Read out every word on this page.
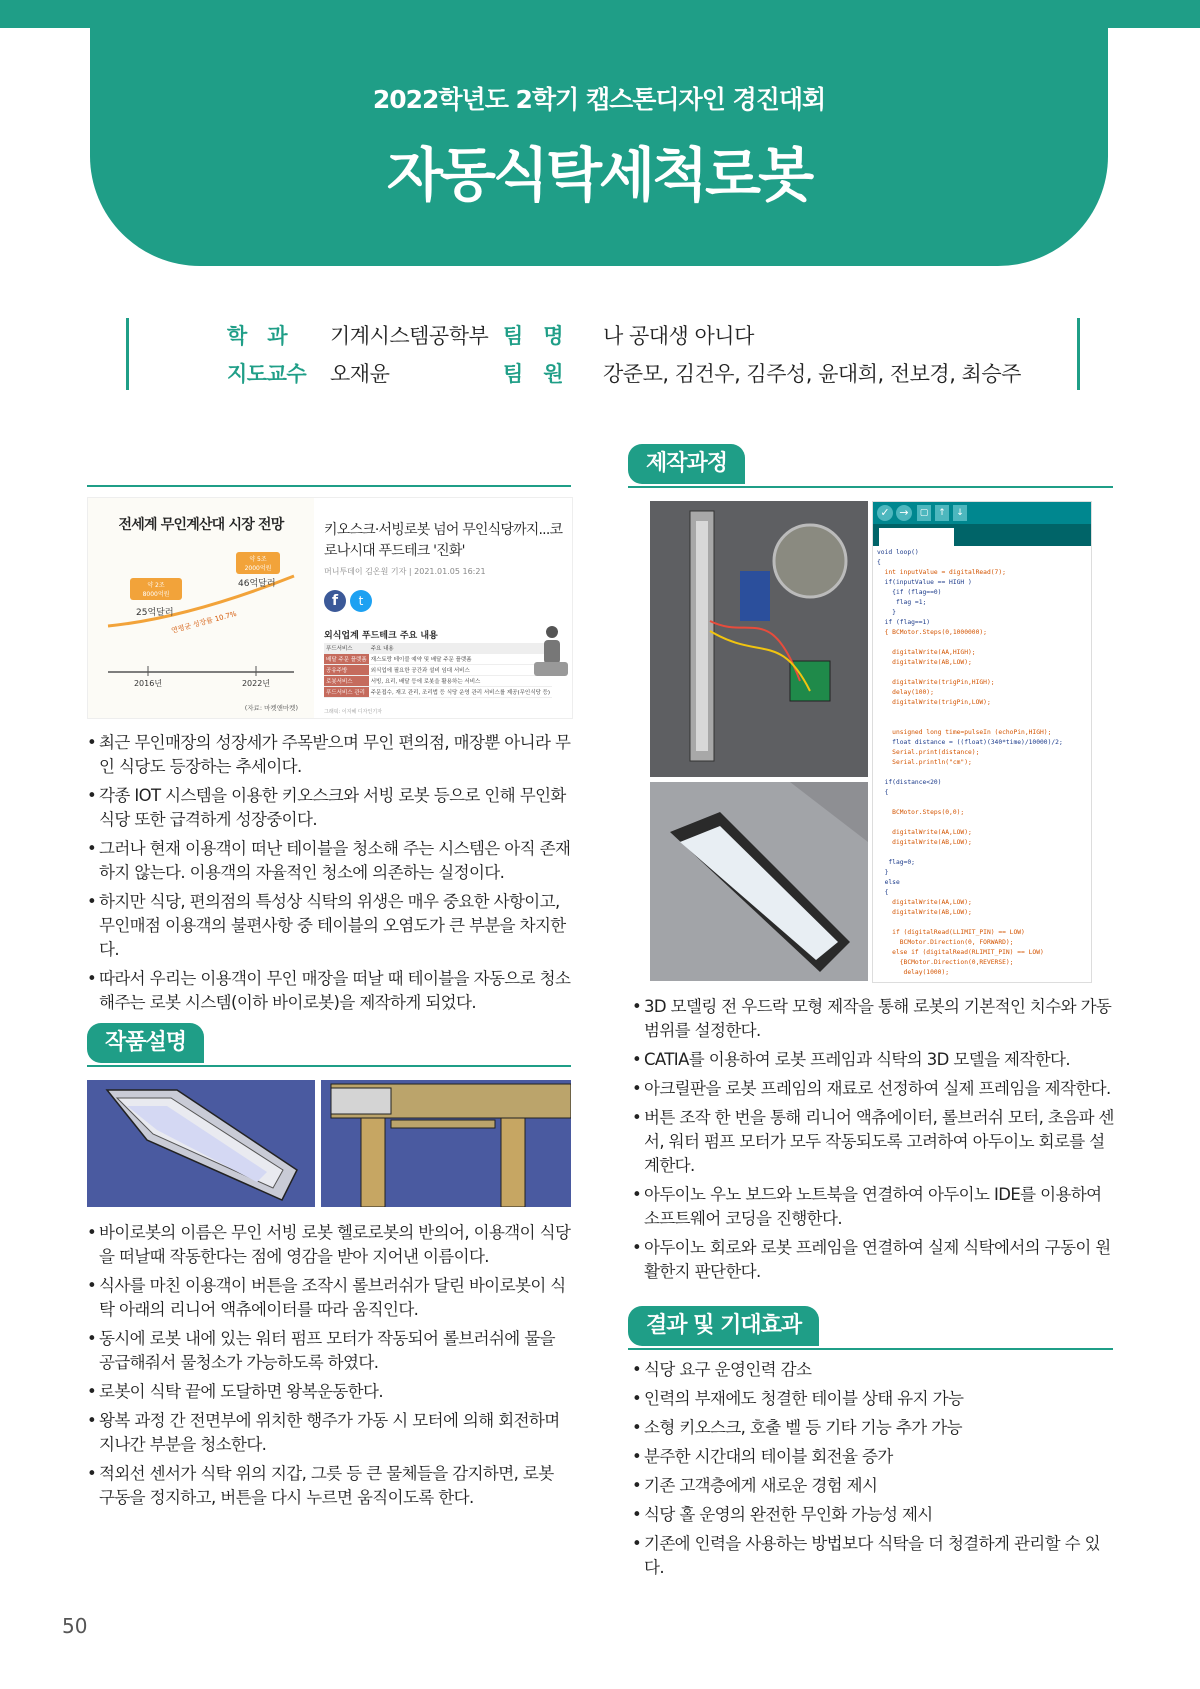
2022학년도 2학기 캡스톤디자인 경진대회
자동식탁세척로봇
학　과 기계시스템공학부 팀　명 나 공대생 아니다
지도교수 오재윤	팀　원 강준모, 김건우, 김주성, 윤대희, 전보경, 최승주
전세계 무인계산대 시장 전망
약 2조
8000억원
약 5조
2000억원
25억달러
46억달러
연평균 성장률 10.7%
2016년	2022년
(자료: 마켓앤마켓)
키오스크·서빙로봇 넘어 무인식당까지...코로나시대 푸드테크 '진화'
머니투데이 김온원 기자 | 2021.01.05 16:21
f	t
외식업계 푸드테크 주요 내용
푸드서비스	주요 내용
배달 주문 플랫폼	재스토랑 테이블 예약 및 배달 주문 플랫폼
공유주방	외식업에 필요한 공간과 설비 임대 서비스
로봇서비스	서빙, 요리, 배달 등에 로봇을 활용하는 서비스
푸드서비스 관리	주문접수, 재고 관리, 조리법 등 식당 운영 관리 서비스를 제공(무인식당 등)
그래픽: 이지혜 디자인기자
• 최근 무인매장의 성장세가 주목받으며 무인 편의점, 매장뿐 아니라 무인 식당도 등장하는 추세이다.
• 각종 IOT 시스템을 이용한 키오스크와 서빙 로봇 등으로 인해 무인화 식당 또한 급격하게 성장중이다.
• 그러나 현재 이용객이 떠난 테이블을 청소해 주는 시스템은 아직 존재하지 않는다. 이용객의 자율적인 청소에 의존하는 실정이다.
• 하지만 식당, 편의점의 특성상 식탁의 위생은 매우 중요한 사항이고, 무인매점 이용객의 불편사항 중 테이블의 오염도가 큰 부분을 차지한다.
• 따라서 우리는 이용객이 무인 매장을 떠날 때 테이블을 자동으로 청소해주는 로봇 시스템(이하 바이로봇)을 제작하게 되었다.
작품설명
• 바이로봇의 이름은 무인 서빙 로봇 헬로로봇의 반의어, 이용객이 식당을 떠날때 작동한다는 점에 영감을 받아 지어낸 이름이다.
• 식사를 마친 이용객이 버튼을 조작시 롤브러쉬가 달린 바이로봇이 식탁 아래의 리니어 액츄에이터를 따라 움직인다.
• 동시에 로봇 내에 있는 워터 펌프 모터가 작동되어 롤브러쉬에 물을 공급해줘서 물청소가 가능하도록 하였다.
• 로봇이 식탁 끝에 도달하면 왕복운동한다.
• 왕복 과정 간 전면부에 위치한 행주가 가동 시 모터에 의해 회전하며 지나간 부분을 청소한다.
• 적외선 센서가 식탁 위의 지갑, 그릇 등 큰 물체들을 감지하면, 로봇 구동을 정지하고, 버튼을 다시 누르면 움직이도록 한다.
제작과정
✓ →	▢	↑	↓
void loop()
{
int inputValue = digitalRead(7);
if(inputValue == HIGH )
{if (flag==0)
flag =1;
}
if (flag==1)
{ BCMotor.Steps(0,1000000);

digitalWrite(AA,HIGH);
digitalWrite(AB,LOW);

digitalWrite(trigPin,HIGH);
delay(100);
digitalWrite(trigPin,LOW);

unsigned long time=pulseIn (echoPin,HIGH);
float distance = ((float)(340*time)/10000)/2;
Serial.print(distance);
Serial.println("cm");

if(distance<20)
{

BCMotor.Steps(0,0);

digitalWrite(AA,LOW);
digitalWrite(AB,LOW);

flag=0;
}
else
{
digitalWrite(AA,LOW);
digitalWrite(AB,LOW);

if (digitalRead(LLIMIT_PIN) == LOW)
BCMotor.Direction(0, FORWARD);
else if (digitalRead(RLIMIT_PIN) == LOW)
{BCMotor.Direction(0,REVERSE);
delay(1000);
• 3D 모델링 전 우드락 모형 제작을 통해 로봇의 기본적인 치수와 가동 범위를 설정한다.
• CATIA를 이용하여 로봇 프레임과 식탁의 3D 모델을 제작한다.
• 아크릴판을 로봇 프레임의 재료로 선정하여 실제 프레임을 제작한다.
• 버튼 조작 한 번을 통해 리니어 액츄에이터, 롤브러쉬 모터, 초음파 센서, 워터 펌프 모터가 모두 작동되도록 고려하여 아두이노 회로를 설계한다.
• 아두이노 우노 보드와 노트북을 연결하여 아두이노 IDE를 이용하여 소프트웨어 코딩을 진행한다.
• 아두이노 회로와 로봇 프레임을 연결하여 실제 식탁에서의 구동이 원활한지 판단한다.
결과 및 기대효과
• 식당 요구 운영인력 감소
• 인력의 부재에도 청결한 테이블 상태 유지 가능
• 소형 키오스크, 호출 벨 등 기타 기능 추가 가능
• 분주한 시간대의 테이블 회전율 증가
• 기존 고객층에게 새로운 경험 제시
• 식당 홀 운영의 완전한 무인화 가능성 제시
• 기존에 인력을 사용하는 방법보다 식탁을 더 청결하게 관리할 수 있다.
50
